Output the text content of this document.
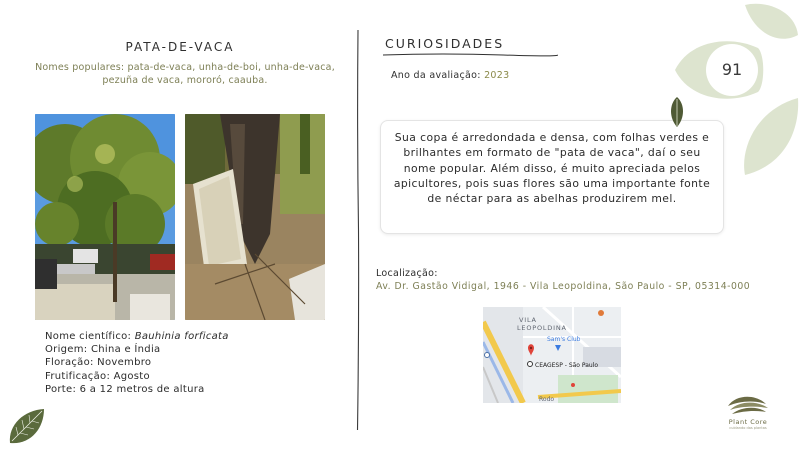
PATA-DE-VACA
Nomes populares: pata-de-vaca, unha-de-boi, unha-de-vaca, pezuña de vaca, mororó, caauba.
Nome científico: Bauhinia forficata
Origem: China e Índia
Floração: Novembro
Frutificação: Agosto
Porte: 6 a 12 metros de altura
CURIOSIDADES
Ano da avaliação: 2023

Sua copa é arredondada e densa, com folhas verdes e brilhantes em formato de "pata de vaca", daí o seu nome popular. Além disso, é muito apreciada pelos apicultores, pois suas flores são uma importante fonte de néctar para as abelhas produzirem mel.

Localização:
Av. Dr. Gastão Vidigal, 1946 - Vila Leopoldina, São Paulo - SP, 05314-000
VILA
LEOPOLDINA
Sam's Club
CEAGESP - São Paulo
Rodo
91
Plant Core
cuidando das plantas
